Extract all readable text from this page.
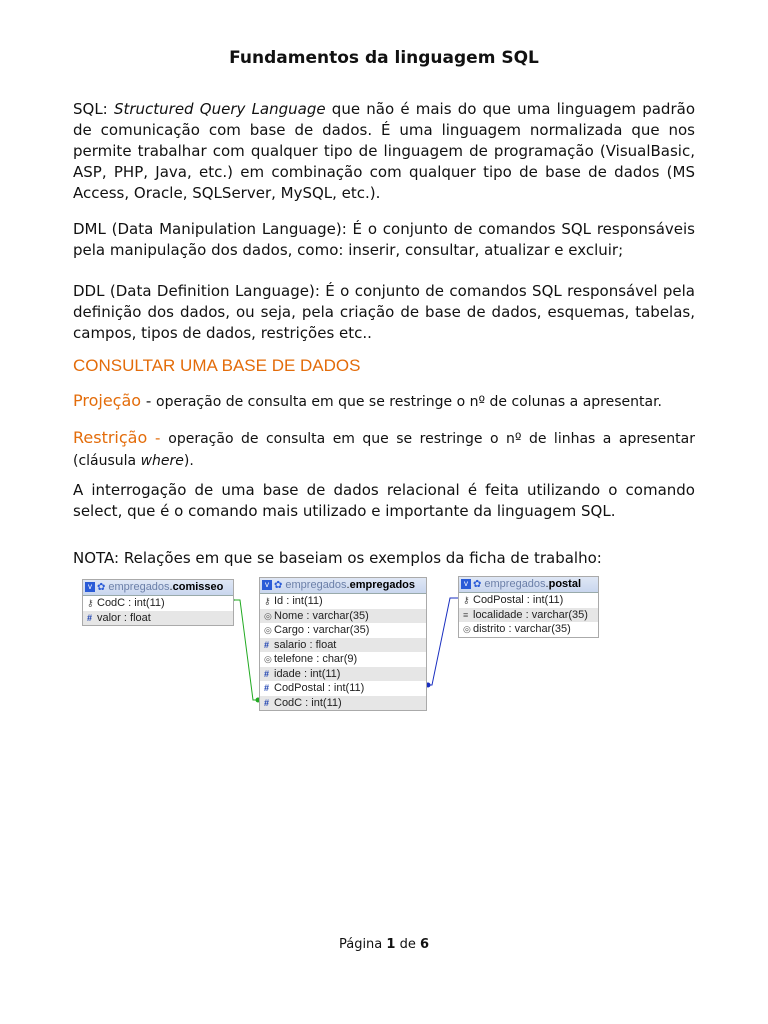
Fundamentos da linguagem SQL

SQL: Structured Query Language que não é mais do que uma linguagem padrão de comunicação com base de dados. É uma linguagem normalizada que nos permite trabalhar com qualquer tipo de linguagem de programação (VisualBasic, ASP, PHP, Java, etc.) em combinação com qualquer tipo de base de dados (MS Access, Oracle, SQLServer, MySQL, etc.).

DML (Data Manipulation Language): É o conjunto de comandos SQL responsáveis pela manipulação dos dados, como: inserir, consultar, atualizar e excluir;

DDL (Data Definition Language): É o conjunto de comandos SQL responsável pela definição dos dados, ou seja, pela criação de base de dados, esquemas, tabelas, campos, tipos de dados, restrições etc..

CONSULTAR UMA BASE DE DADOS

Projeção - operação de consulta em que se restringe o nº de colunas a apresentar.

Restrição - operação de consulta em que se restringe o nº de linhas a apresentar (cláusula where).

A interrogação de uma base de dados relacional é feita utilizando o comando select, que é o comando mais utilizado e importante da linguagem SQL.

NOTA: Relações em que se baseiam os exemplos da ficha de trabalho:

v ✿ empregados.comisseo
⚷ CodC : int(11)
# valor : float
v ✿ empregados.empregados
⚷ Id : int(11)
◎ Nome : varchar(35)
◎ Cargo : varchar(35)
# salario : float
◎ telefone : char(9)
# idade : int(11)
# CodPostal : int(11)
# CodC : int(11)
v ✿ empregados.postal
⚷ CodPostal : int(11)
≡ localidade : varchar(35)
◎ distrito : varchar(35)
Página 1 de 6
